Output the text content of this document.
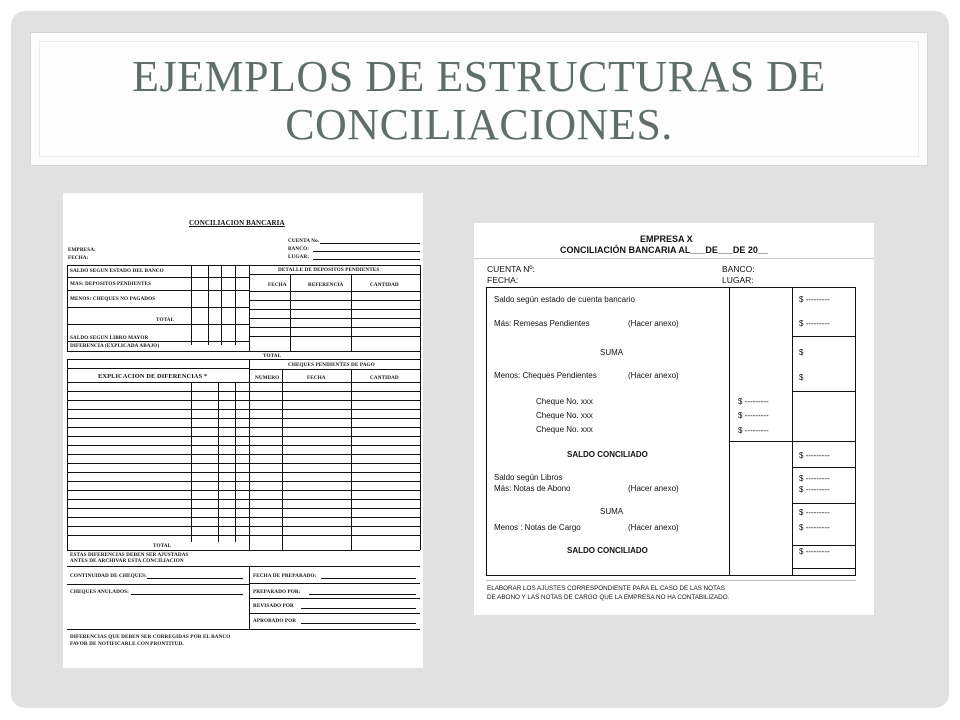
EJEMPLOS DE ESTRUCTURAS DE
CONCILIACIONES.
CONCILIACION BANCARIA
CUENTA No.
EMPRESA:	BANCO:
FECHA:	LUGAR:
SALDO SEGUN ESTADO DEL BANCO
MAS: DEPOSITOS PENDIENTES
MENOS: CHEQUES NO PAGADOS
TOTAL
SALDO SEGUN LIBRO MAYOR
DIFERENCIA (EXPLICADA ABAJO)
DETALLE DE DEPOSITOS PENDIENTES
FECHA	REFERENCIA	CANTIDAD
TOTAL
CHEQUES PENDIENTES DE PAGO
NUMERO	FECHA	CANTIDAD
EXPLICACION DE DIFERENCIAS *
TOTAL
ESTAS DIFERENCIAS DEBEN SER AJUSTADAS
ANTES DE ARCHIVAR ESTA CONCILIACION
CONTINUIDAD DE CHEQUES:	FECHA DE PREPARADO:
CHEQUES ANULADOS:	PREPARADO POR:
REVISADO POR
APROBADO POR
DIFERENCIAS QUE DEBEN SER CORREGIDAS POR EL BANCO
FAVOR DE NOTIFICARLE CON PRONTITUD.
EMPRESA X
CONCILIACIÓN BANCARIA AL___DE___DE 20__
CUENTA Nº:
FECHA:
BANCO:
LUGAR:
Saldo según estado de cuenta bancario	$ ---------
Más: Remesas Pendientes	(Hacer anexo)	$ ---------
SUMA	$
Menos: Cheques Pendientes	(Hacer anexo)	$
Cheque No. xxx	$ ---------
Cheque No. xxx	$ ---------
Cheque No. xxx	$ ---------
SALDO CONCILIADO	$ ---------
Saldo según Libros	$ ---------
Más: Notas de Abono	(Hacer anexo)	$ ---------
SUMA	$ ---------
Menos : Notas de Cargo	(Hacer anexo)	$ ---------
SALDO CONCILIADO	$ ---------
ELABORAR LOS AJUSTES CORRESPONDIENTE PARA EL CASO DE LAS NOTAS
DE ABONO Y LAS NOTAS DE CARGO QUE LA EMPRESA NO HA CONTABILIZADO.
